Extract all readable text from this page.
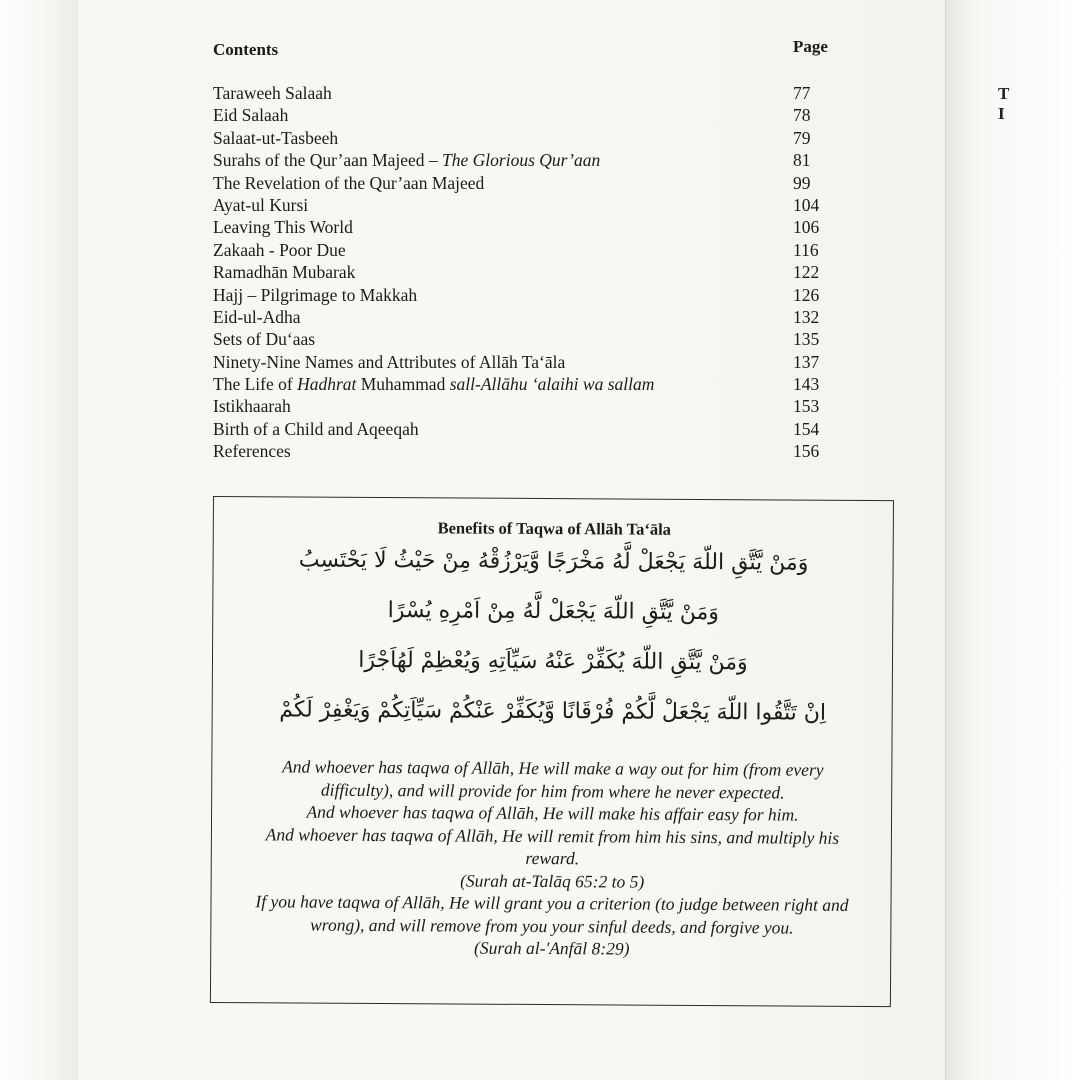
T
I
Contents	Page
Taraweeh Salaah	77
Eid Salaah	78
Salaat-ut-Tasbeeh	79
Surahs of the Qur’aan Majeed – The Glorious Qur’aan	81
The Revelation of the Qur’aan Majeed	99
Ayat-ul Kursi	104
Leaving This World	106
Zakaah - Poor Due	116
Ramadhān Mubarak	122
Hajj – Pilgrimage to Makkah	126
Eid-ul-Adha	132
Sets of Du‘aas	135
Ninety-Nine Names and Attributes of Allāh Ta‘āla	137
The Life of Hadhrat Muhammad sall-Allāhu ‘alaihi wa sallam	143
Istikhaarah	153
Birth of a Child and Aqeeqah	154
References	156
Benefits of Taqwa of Allāh Ta‘āla
وَمَنْ يَّتَّقِ اللّهَ يَجْعَلْ لَّهُ مَخْرَجًا وَّيَرْزُقْهُ مِنْ حَيْثُ لَا يَحْتَسِبُ
وَمَنْ يَّتَّقِ اللّهَ يَجْعَلْ لَّهُ مِنْ اَمْرِهِ يُسْرًا
وَمَنْ يَّتَّقِ اللّهَ يُكَفِّرْ عَنْهُ سَيِّاَتِهِ وَيُعْظِمْ لَهُاَجْرًا
اِنْ تَتَّقُوا اللّهَ يَجْعَلْ لَّكُمْ فُرْقَانًا وَّيُكَفِّرْ عَنْكُمْ سَيِّاَتِكُمْ وَيَغْفِرْ لَكُمْ
And whoever has taqwa of Allāh, He will make a way out for him (from every
difficulty), and will provide for him from where he never expected.
And whoever has taqwa of Allāh, He will make his affair easy for him.
And whoever has taqwa of Allāh, He will remit from him his sins, and multiply his
reward.
(Surah at-Talāq 65:2 to 5)
If you have taqwa of Allāh, He will grant you a criterion (to judge between right and
wrong), and will remove from you your sinful deeds, and forgive you.
(Surah al-'Anfāl 8:29)
